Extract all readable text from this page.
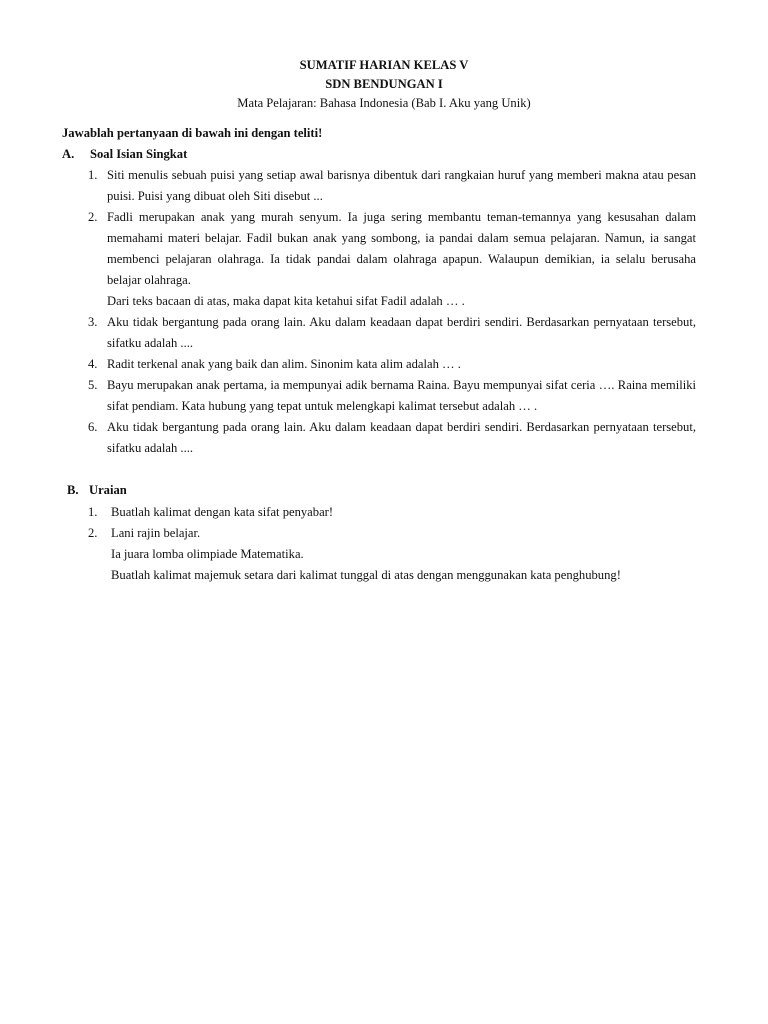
SUMATIF HARIAN KELAS V
SDN BENDUNGAN I
Mata Pelajaran: Bahasa Indonesia (Bab I. Aku yang Unik)
Jawablah pertanyaan di bawah ini dengan teliti!
A. Soal Isian Singkat
1. Siti menulis sebuah puisi yang setiap awal barisnya dibentuk dari rangkaian huruf yang memberi makna atau pesan puisi. Puisi yang dibuat oleh Siti disebut ...

2. Fadli merupakan anak yang murah senyum. Ia juga sering membantu teman-temannya yang kesusahan dalam memahami materi belajar. Fadil bukan anak yang sombong, ia pandai dalam semua pelajaran. Namun, ia sangat membenci pelajaran olahraga. Ia tidak pandai dalam olahraga apapun. Walaupun demikian, ia selalu berusaha belajar olahraga.

Dari teks bacaan di atas, maka dapat kita ketahui sifat Fadil adalah … .

3. Aku tidak bergantung pada orang lain. Aku dalam keadaan dapat berdiri sendiri. Berdasarkan pernyataan tersebut, sifatku adalah ....

4. Radit terkenal anak yang baik dan alim. Sinonim kata alim adalah … .

5. Bayu merupakan anak pertama, ia mempunyai adik bernama Raina. Bayu mempunyai sifat ceria …. Raina memiliki sifat pendiam. Kata hubung yang tepat untuk melengkapi kalimat tersebut adalah … .

6. Aku tidak bergantung pada orang lain. Aku dalam keadaan dapat berdiri sendiri. Berdasarkan pernyataan tersebut, sifatku adalah ....

B. Uraian
1. Buatlah kalimat dengan kata sifat penyabar!

2. Lani rajin belajar.

Ia juara lomba olimpiade Matematika.

Buatlah kalimat majemuk setara dari kalimat tunggal di atas dengan menggunakan kata penghubung!
